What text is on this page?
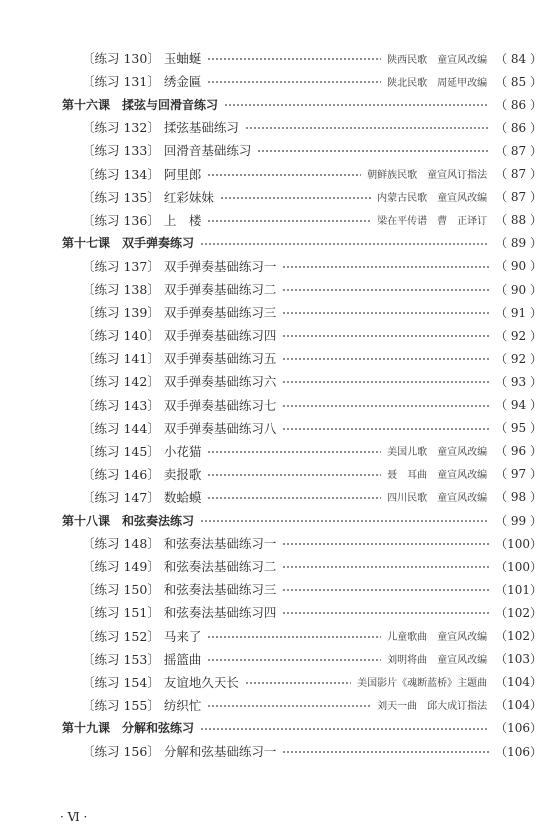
〔练习 130〕 玉蚰蜒	陕西民歌　童宣风改编 （ 84 ）
〔练习 131〕 绣金匾	陕北民歌　周延甲改编 （ 85 ）
第十六课 揉弦与回滑音练习	（ 86 ）
〔练习 132〕 揉弦基础练习	（ 86 ）
〔练习 133〕 回滑音基础练习	（ 87 ）
〔练习 134〕 阿里郎	朝鲜族民歌　童宣风订指法 （ 87 ）
〔练习 135〕 红彩妹妹	内蒙古民歌　童宣风改编 （ 87 ）
〔练习 136〕 上　楼	梁在平传谱　曹　正译订 （ 88 ）
第十七课 双手弹奏练习	（ 89 ）
〔练习 137〕 双手弹奏基础练习一	（ 90 ）
〔练习 138〕 双手弹奏基础练习二	（ 90 ）
〔练习 139〕 双手弹奏基础练习三	（ 91 ）
〔练习 140〕 双手弹奏基础练习四	（ 92 ）
〔练习 141〕 双手弹奏基础练习五	（ 92 ）
〔练习 142〕 双手弹奏基础练习六	（ 93 ）
〔练习 143〕 双手弹奏基础练习七	（ 94 ）
〔练习 144〕 双手弹奏基础练习八	（ 95 ）
〔练习 145〕 小花猫	美国儿歌　童宣风改编 （ 96 ）
〔练习 146〕 卖报歌	聂　耳曲　童宣风改编 （ 97 ）
〔练习 147〕 数蛤蟆	四川民歌　童宣风改编 （ 98 ）
第十八课 和弦奏法练习	（ 99 ）
〔练习 148〕 和弦奏法基础练习一	（100）
〔练习 149〕 和弦奏法基础练习二	（100）
〔练习 150〕 和弦奏法基础练习三	（101）
〔练习 151〕 和弦奏法基础练习四	（102）
〔练习 152〕 马来了	儿童歌曲　童宣风改编 （102）
〔练习 153〕 摇篮曲	刘明将曲　童宣风改编 （103）
〔练习 154〕 友谊地久天长	美国影片《魂断蓝桥》主题曲 （104）
〔练习 155〕 纺织忙	刘天一曲　邱大成订指法 （104）
第十九课 分解和弦练习	（106）
〔练习 156〕 分解和弦基础练习一	（106）
· Ⅵ ·
